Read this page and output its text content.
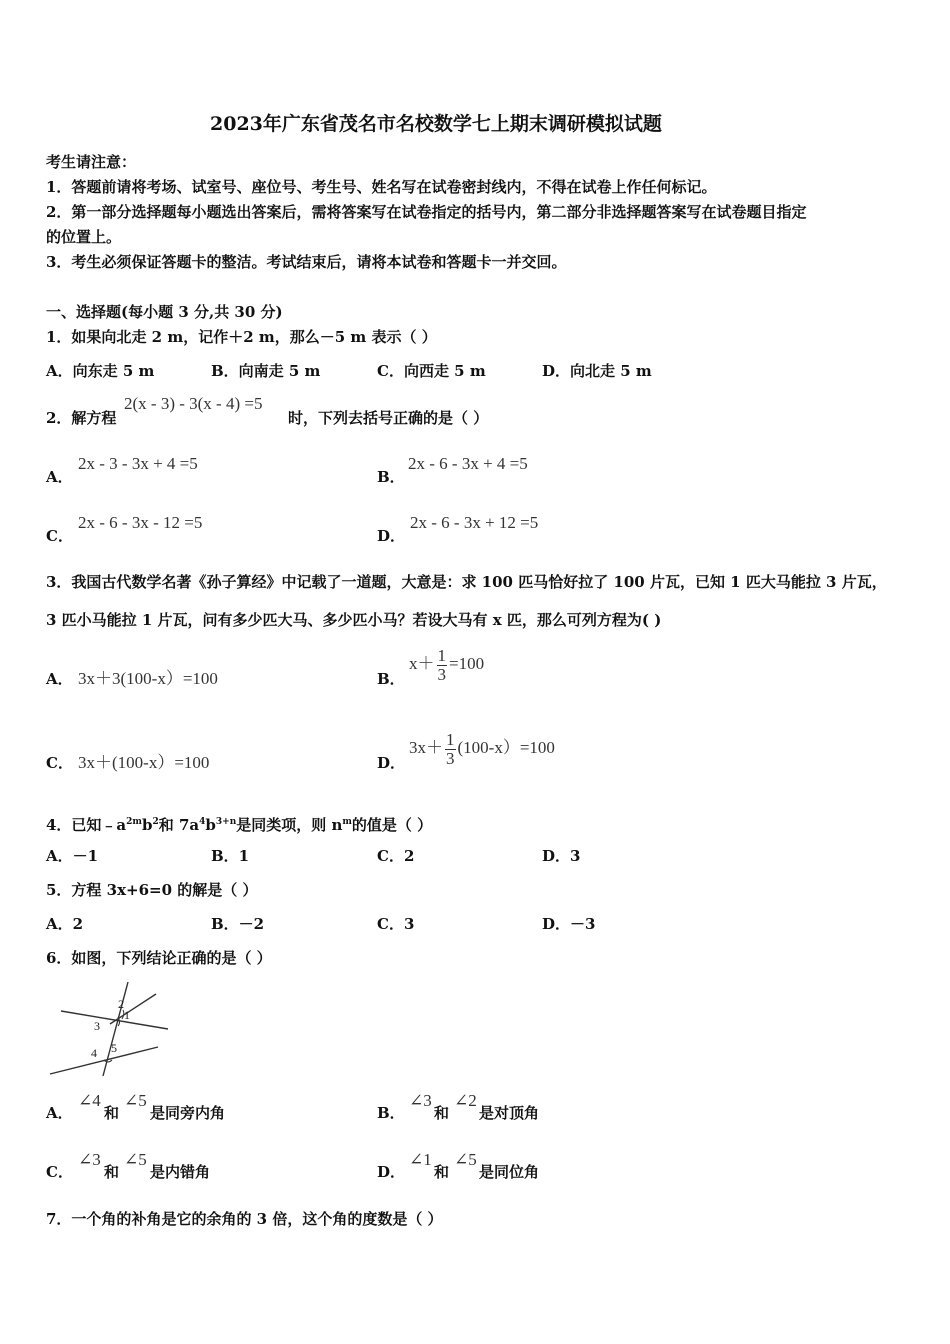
2023年广东省茂名市名校数学七上期末调研模拟试题
考生请注意：
1．答题前请将考场、试室号、座位号、考生号、姓名写在试卷密封线内，不得在试卷上作任何标记。
2．第一部分选择题每小题选出答案后，需将答案写在试卷指定的括号内，第二部分非选择题答案写在试卷题目指定
的位置上。
3．考生必须保证答题卡的整洁。考试结束后，请将本试卷和答题卡一并交回。
一、选择题(每小题 3 分,共 30 分)
1．如果向北走 2 m，记作＋2 m，那么－5 m 表示（ ）
A．向东走 5 m	B．向南走 5 m	C．向西走 5 m	D．向北走 5 m
2．解方程
2(x - 3) - 3(x - 4) =5
时，下列去括号正确的是（ ）
A．
2x - 3 - 3x + 4 =5
B．
2x - 6 - 3x + 4 =5
C．
2x - 6 - 3x - 12 =5
D．
2x - 6 - 3x + 12 =5
3．我国古代数学名著《孙子算经》中记载了一道题，大意是：求 100 匹马恰好拉了 100 片瓦，已知 1 匹大马能拉 3 片瓦，
3 匹小马能拉 1 片瓦，问有多少匹大马、多少匹小马？若设大马有 x 匹，那么可列方程为( )
A． 3x＋3(100-x）=100	B．
$x+ \frac{1}{3} =100$
C． 3x＋(100-x）=100	D．
$3x+ \frac{1}{3} (100-x)=100$
4．已知$﹣a^{2m}b^2$和 $7a^4b^{3+n}$是同类项，则 $n^m$的值是（ ）
A．－1	B．1	C．2	D．3
5．方程 3x+6=0 的解是（ ）
A．2	B．－2	C．3	D．－3
6．如图，下列结论正确的是（ ）
2
1
3
4 5
A．
∠4
和
∠5
是同旁内角	B．
∠3
和
∠2
是对顶角
C．
∠3
和
∠5
是内错角	D．
∠1
和
∠5
是同位角
7．一个角的补角是它的余角的 3 倍，这个角的度数是（ ）
